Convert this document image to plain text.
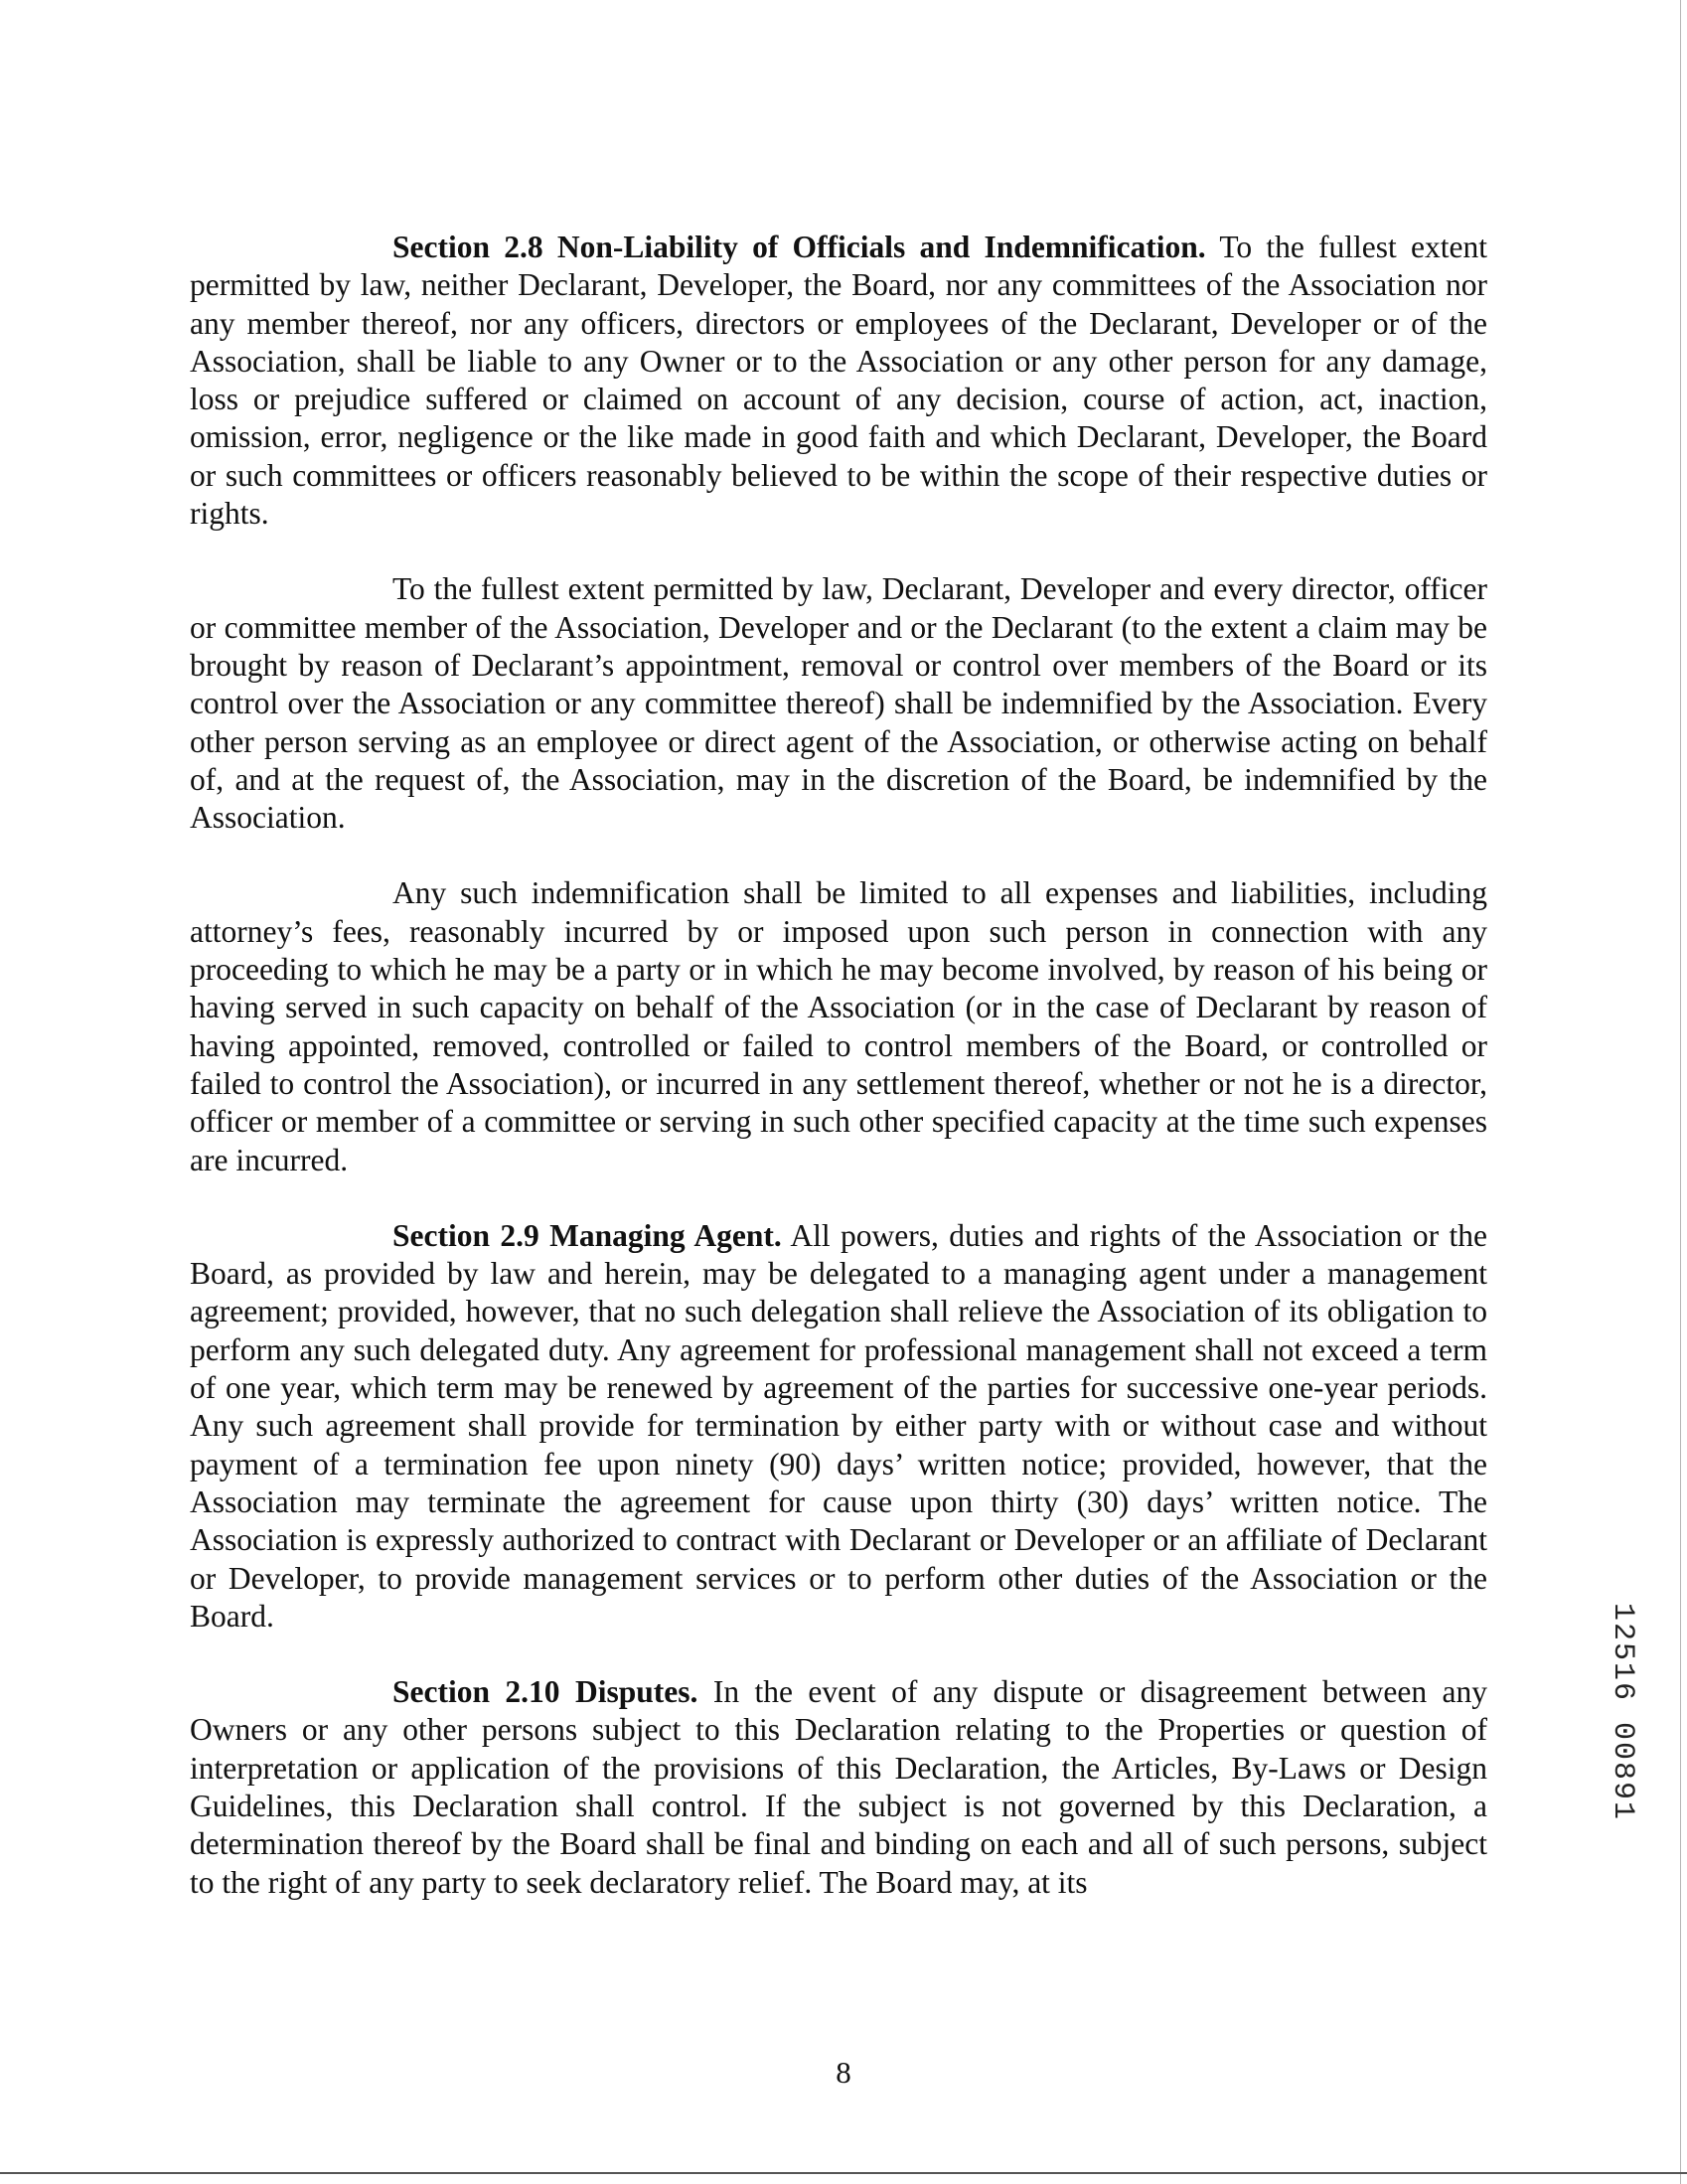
Section 2.8 Non-Liability of Officials and Indemnification. To the fullest extent permitted by law, neither Declarant, Developer, the Board, nor any committees of the Association nor any member thereof, nor any officers, directors or employees of the Declarant, Developer or of the Association, shall be liable to any Owner or to the Association or any other person for any damage, loss or prejudice suffered or claimed on account of any decision, course of action, act, inaction, omission, error, negligence or the like made in good faith and which Declarant, Developer, the Board or such committees or officers reasonably believed to be within the scope of their respective duties or rights.

To the fullest extent permitted by law, Declarant, Developer and every director, officer or committee member of the Association, Developer and or the Declarant (to the extent a claim may be brought by reason of Declarant’s appointment, removal or control over members of the Board or its control over the Association or any committee thereof) shall be indemnified by the Association. Every other person serving as an employee or direct agent of the Association, or otherwise acting on behalf of, and at the request of, the Association, may in the discretion of the Board, be indemnified by the Association.

Any such indemnification shall be limited to all expenses and liabilities, including attorney’s fees, reasonably incurred by or imposed upon such person in connection with any proceeding to which he may be a party or in which he may become involved, by reason of his being or having served in such capacity on behalf of the Association (or in the case of Declarant by reason of having appointed, removed, controlled or failed to control members of the Board, or controlled or failed to control the Association), or incurred in any settlement thereof, whether or not he is a director, officer or member of a committee or serving in such other specified capacity at the time such expenses are incurred.

Section 2.9 Managing Agent. All powers, duties and rights of the Association or the Board, as provided by law and herein, may be delegated to a managing agent under a management agreement; provided, however, that no such delegation shall relieve the Association of its obligation to perform any such delegated duty. Any agreement for professional management shall not exceed a term of one year, which term may be renewed by agreement of the parties for successive one-year periods. Any such agreement shall provide for termination by either party with or without case and without payment of a termination fee upon ninety (90) days’ written notice; provided, however, that the Association may terminate the agreement for cause upon thirty (30) days’ written notice. The Association is expressly authorized to contract with Declarant or Developer or an affiliate of Declarant or Developer, to provide management services or to perform other duties of the Association or the Board.

Section 2.10 Disputes. In the event of any dispute or disagreement between any Owners or any other persons subject to this Declaration relating to the Properties or question of interpretation or application of the provisions of this Declaration, the Articles, By-Laws or Design Guidelines, this Declaration shall control. If the subject is not governed by this Declaration, a determination thereof by the Board shall be final and binding on each and all of such persons, subject to the right of any party to seek declaratory relief. The Board may, at its

8
12516 00891
